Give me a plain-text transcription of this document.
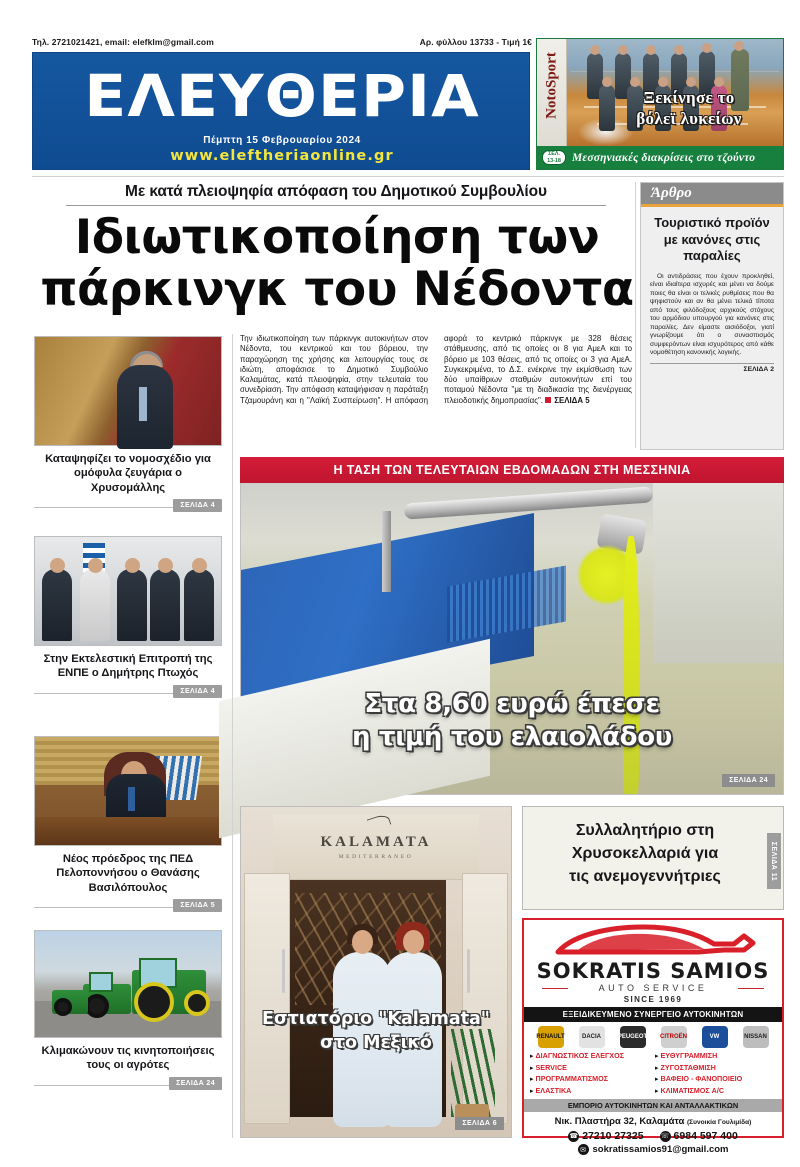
Τηλ. 2721021421, email: elefklm@gmail.com	Αρ. φύλλου 13733 - Τιμή 1€
ΕΛΕΥΘΕΡΙΑ
Πέμπτη 15 Φεβρουαρίου 2024
www.eleftheriaonline.gr
NotoSport	Ξεκίνησε το
βόλεϊ λυκείων
ΣΕΛ.
13-18 Μεσσηνιακές διακρίσεις στο τζούντο
Με κατά πλειοψηφία απόφαση του Δημοτικού Συμβουλίου
Ιδιωτικοποίηση των
πάρκινγκ του Νέδοντα
Την ιδιωτικοποίηση των πάρκινγκ αυτοκινήτων στον Νέδοντα, του κεντρικού και του βόρειου, την παραχώρηση της χρήσης και λειτουργίας τους σε ιδιώτη, αποφάσισε το Δημοτικό Συμβούλιο Καλαμάτας, κατά πλειοψηφία, στην τελευταία του συνεδρίαση. Την απόφαση καταψήφισαν η παράταξη Τζαμουράνη και η "Λαϊκή Συσπείρωση". Η απόφαση αφορά το κεντρικό πάρκινγκ με 328 θέσεις στάθμευσης, από τις οποίες οι 8 για ΑμεΑ και το βόρειο με 103 θέσεις, από τις οποίες οι 3 για ΑμεΑ. Συγκεκριμένα, το Δ.Σ. ενέκρινε την εκμίσθωση των δύο υπαίθριων σταθμών αυτοκινήτων επί του ποταμού Νέδοντα "με τη διαδικασία της διενέργειας πλειοδοτικής δημοπρασίας". ΣΕΛΙΔΑ 5
Άρθρο
Τουριστικό προϊόν με κανόνες στις παραλίες
Οι αντιδράσεις που έχουν προκληθεί, είναι ιδιαίτερα ισχυρές και μένει να δούμε ποιες θα είναι οι τελικές ρυθμίσεις που θα ψηφιστούν και αν θα μένει τελικά τίποτα από τους φιλόδοξους αρχικούς στόχους του αρμόδιου υπουργού για κανόνες στις παραλίες. Δεν είμαστε αισιόδοξοι, γιατί γνωρίζουμε ότι ο συνασπισμός συμφερόντων είναι ισχυρότερος από κάθε νομοθέτηση κανονικής λογικής.
ΣΕΛΙΔΑ 2
Καταψηφίζει το νομοσχέδιο για ομόφυλα ζευγάρια ο Χρυσομάλλης
ΣΕΛΙΔΑ 4
Στην Εκτελεστική Επιτροπή της ΕΝΠΕ ο Δημήτρης Πτωχός
ΣΕΛΙΔΑ 4
Νέος πρόεδρος της ΠΕΔ Πελοποννήσου ο Θανάσης Βασιλόπουλος
ΣΕΛΙΔΑ 5
Κλιμακώνουν τις κινητοποιήσεις τους οι αγρότες
ΣΕΛΙΔΑ 24
Η ΤΑΣΗ ΤΩΝ ΤΕΛΕΥΤΑΙΩΝ ΕΒΔΟΜΑΔΩΝ ΣΤΗ ΜΕΣΣΗΝΙΑ
Στα 8,60 ευρώ έπεσε
η τιμή του ελαιολάδου
ΣΕΛΙΔΑ 24
KALAMATA
MEDITERRANEO
Εστιατόριο "Kalamata"
στο Μεξικό
ΣΕΛΙΔΑ 6
Συλλαλητήριο στη
Χρυσοκελλαριά για
τις ανεμογεννήτριες	ΣΕΛΙΔΑ 11
SOKRATIS SAMIOS
AUTO SERVICE
SINCE 1969
ΕΞΕΙΔΙΚΕΥΜΕΝΟ ΣΥΝΕΡΓΕΙΟ ΑΥΤΟΚΙΝΗΤΩΝ
RENAULT	DACIA	PEUGEOT CITROËN	VW	NISSAN
▸ ΔΙΑΓΝΩΣΤΙΚΟΣ ΕΛΕΓΧΟΣ
▸ SERVICE
▸ ΠΡΟΓΡΑΜΜΑΤΙΣΜΟΣ
▸ ΕΛΑΣΤΙΚΑ
▸ ΕΥΘΥΓΡΑΜΜΙΣΗ
▸ ΖΥΓΟΣΤΑΘΜΙΣΗ
▸ ΒΑΦΕΙΟ - ΦΑΝΟΠΟΙΕΙΟ
▸ ΚΛΙΜΑΤΙΣΜΟΣ A/C
ΕΜΠΟΡΙΟ ΑΥΤΟΚΙΝΗΤΩΝ ΚΑΙ ΑΝΤΑΛΛΑΚΤΙΚΩΝ
Νικ. Πλαστήρα 32, Καλαμάτα (Συνοικία Γουλιμίδα)
☎ 27210 27325 ☏ 6984 597 400
✉ sokratissamios91@gmail.com
